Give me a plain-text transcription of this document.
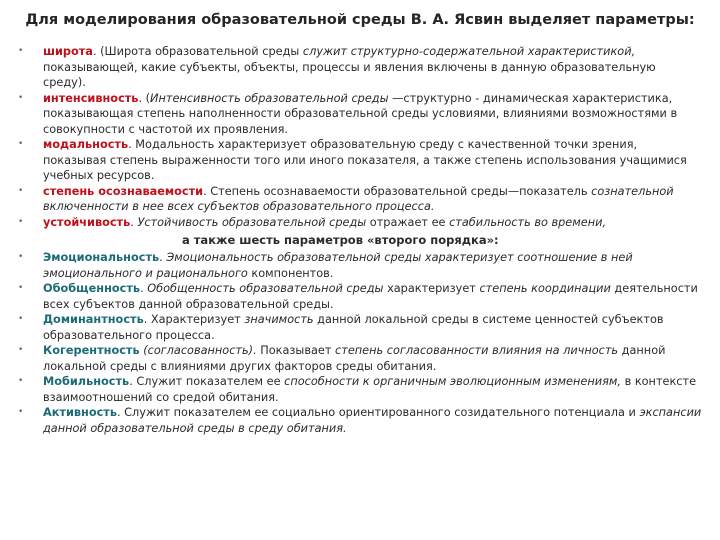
Для моделирования образовательной среды В. А. Ясвин выделяет параметры:
•	широта. (Широта образовательной среды служит структурно-содержательной характеристикой, показывающей, какие субъекты, объекты, процессы и явления включены в данную образовательную среду).
•	интенсивность. (Интенсивность образовательной среды —структурно - динамическая характеристика, показывающая степень наполненности образовательной среды условиями, влияниями возможностями в совокупности с частотой их проявления.
•	модальность. Модальность характеризует образовательную среду с качественной точки зрения, показывая степень выраженности того или иного показателя, а также степень использования учащимися учебных ресурсов.
•	степень осознаваемости. Степень осознаваемости образовательной среды—показатель сознательной включенности в нее всех субъектов образовательного процесса.
•	устойчивость. Устойчивость образовательной среды отражает ее стабильность во времени,
а также шесть параметров «второго порядка»:
•	Эмоциональность. Эмоциональность образовательной среды характеризует соотношение в ней эмоционального и рационального компонентов.
•	Обобщенность. Обобщенность образовательной среды характеризует степень координации деятельности всех субъектов данной образовательной среды.
•	Доминантность. Характеризует значимость данной локальной среды в системе ценностей субъектов образовательного процесса.
•	Когерентность (согласованность). Показывает степень согласованности влияния на личность данной локальной среды с влияниями других факторов среды обитания.
•	Мобильность. Служит показателем ее способности к органичным эволюционным изменениям, в контексте взаимоотношений со средой обитания.
•	Активность. Служит показателем ее социально ориентированного созидательного потенциала и экспансии данной образовательной среды в среду обитания.
